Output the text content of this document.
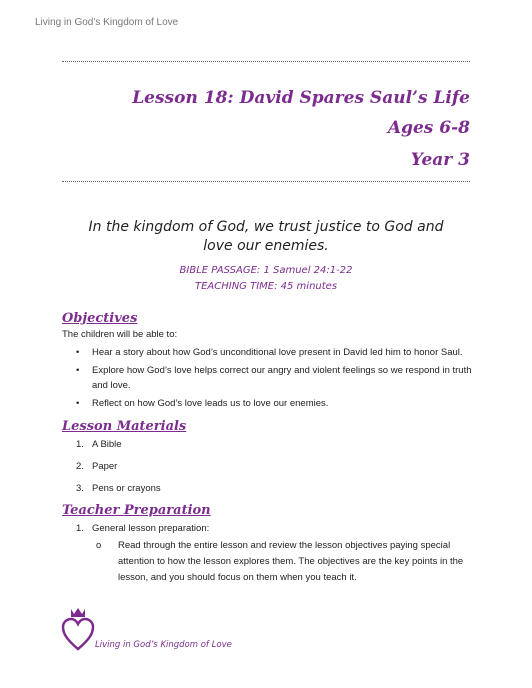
Living in God’s Kingdom of Love
Lesson 18: David Spares Saul’s Life
Ages 6-8
Year 3
In the kingdom of God, we trust justice to God and
love our enemies.
BIBLE PASSAGE: 1 Samuel 24:1-22
TEACHING TIME: 45 minutes
Objectives
The children will be able to:
• Hear a story about how God’s unconditional love present in David led him to honor Saul.
• Explore how God’s love helps correct our angry and violent feelings so we respond in truth and love.
• Reflect on how God’s love leads us to love our enemies.
Lesson Materials
1. A Bible
2. Paper
3. Pens or crayons
Teacher Preparation
1. General lesson preparation:
o Read through the entire lesson and review the lesson objectives paying special attention to how the lesson explores them. The objectives are the key points in the lesson, and you should focus on them when you teach it.
Living in God’s Kingdom of Love
